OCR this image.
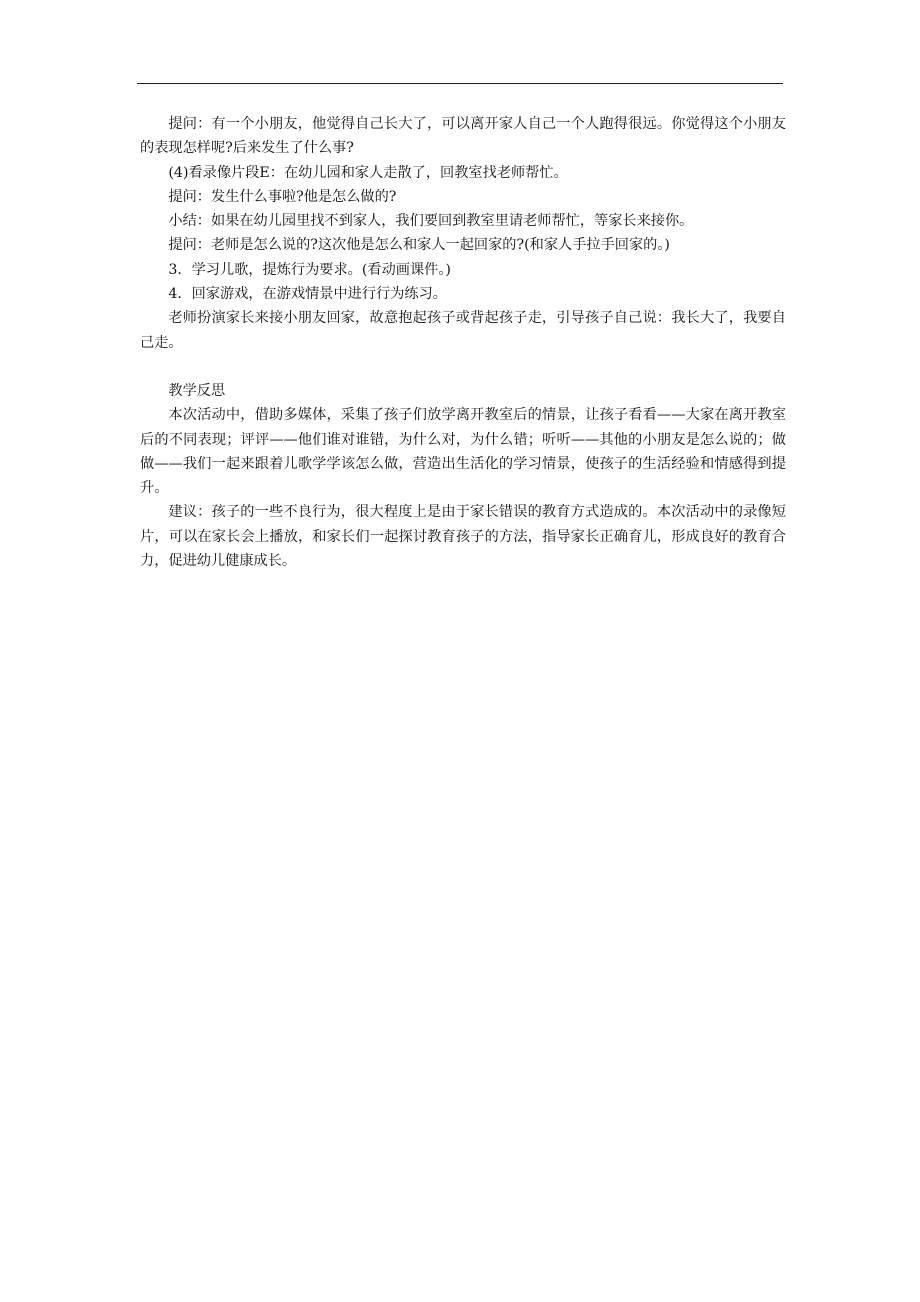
提问：有一个小朋友，他觉得自己长大了，可以离开家人自己一个人跑得很远。你觉得这个小朋友的表现怎样呢?后来发生了什么事?

(4)看录像片段E：在幼儿园和家人走散了，回教室找老师帮忙。

提问：发生什么事啦?他是怎么做的?

小结：如果在幼儿园里找不到家人，我们要回到教室里请老师帮忙，等家长来接你。

提问：老师是怎么说的?这次他是怎么和家人一起回家的?(和家人手拉手回家的。)

3．学习儿歌，提炼行为要求。(看动画课件。)

4．回家游戏，在游戏情景中进行行为练习。

老师扮演家长来接小朋友回家，故意抱起孩子或背起孩子走，引导孩子自己说：我长大了，我要自己走。

教学反思

本次活动中，借助多媒体，采集了孩子们放学离开教室后的情景，让孩子看看——大家在离开教室后的不同表现；评评——他们谁对谁错，为什么对，为什么错；听听——其他的小朋友是怎么说的；做做——我们一起来跟着儿歌学学该怎么做，营造出生活化的学习情景，使孩子的生活经验和情感得到提升。

建议：孩子的一些不良行为，很大程度上是由于家长错误的教育方式造成的。本次活动中的录像短片，可以在家长会上播放，和家长们一起探讨教育孩子的方法，指导家长正确育儿，形成良好的教育合力，促进幼儿健康成长。
